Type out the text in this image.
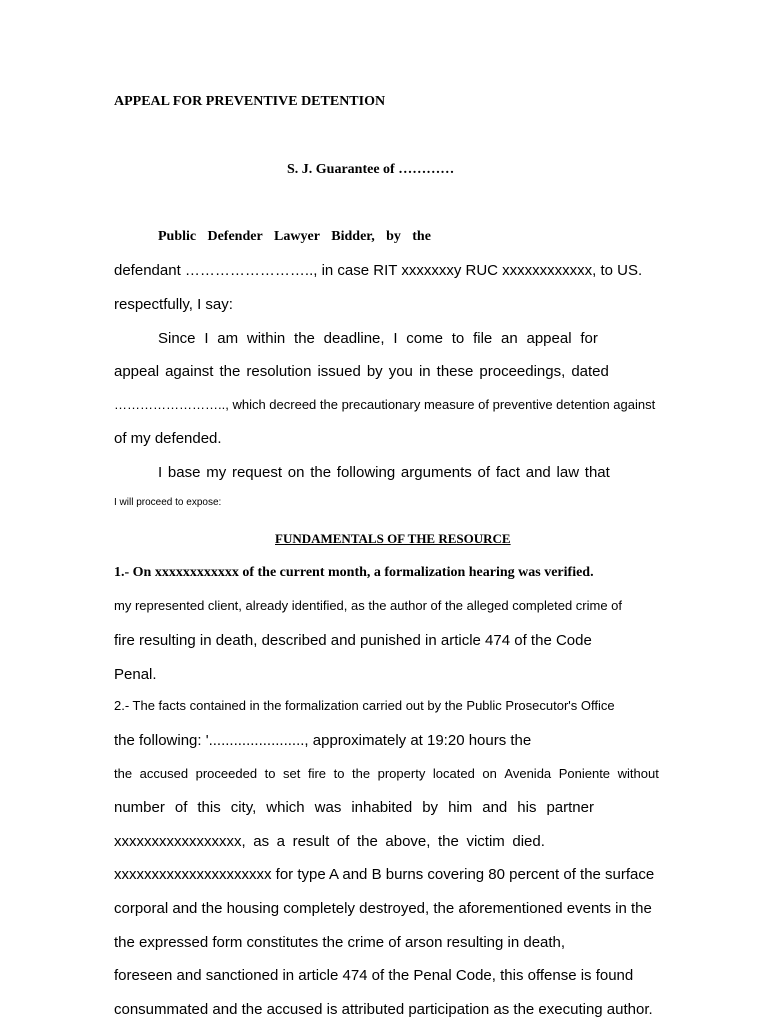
APPEAL FOR PREVENTIVE DETENTION

S. J. Guarantee of …………

Public Defender Lawyer Bidder, by the

defendant …………………….., in case RIT xxxxxxxy RUC xxxxxxxxxxxx, to US.

respectfully, I say:

Since I am within the deadline, I come to file an appeal for
appeal against the resolution issued by you in these proceedings, dated

…………………….., which decreed the precautionary measure of preventive detention against

of my defended.

I base my request on the following arguments of fact and law that

I will proceed to expose:

FUNDAMENTALS OF THE RESOURCE

1.- On xxxxxxxxxxxx of the current month, a formalization hearing was verified.

my represented client, already identified, as the author of the alleged completed crime of

fire resulting in death, described and punished in article 474 of the Code

Penal.

2.- The facts contained in the formalization carried out by the Public Prosecutor's Office

the following: '......................., approximately at 19:20 hours the

the accused proceeded to set fire to the property located on Avenida Poniente without
number of this city, which was inhabited by him and his partner
xxxxxxxxxxxxxxxxx, as a result of the above, the victim died.

xxxxxxxxxxxxxxxxxxxxx for type A and B burns covering 80 percent of the surface

corporal and the housing completely destroyed, the aforementioned events in the

the expressed form constitutes the crime of arson resulting in death,

foreseen and sanctioned in article 474 of the Penal Code, this offense is found

consummated and the accused is attributed participation as the executing author.
